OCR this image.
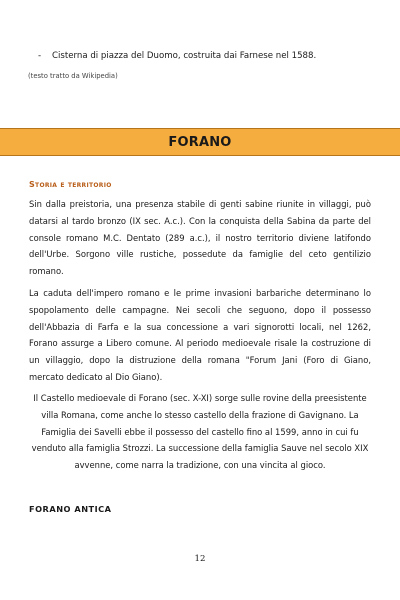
- Cisterna di piazza del Duomo, costruita dai Farnese nel 1588.
(testo tratto da Wikipedia)
FORANO
Storia e territorio

Sin dalla preistoria, una presenza stabile di genti sabine riunite in villaggi, può datarsi al tardo bronzo (IX sec. A.c.). Con la conquista della Sabina da parte del console romano M.C. Dentato (289 a.c.), il nostro territorio diviene latifondo dell'Urbe. Sorgono ville rustiche, possedute da famiglie del ceto gentilizio romano.

La caduta dell'impero romano e le prime invasioni barbariche determinano lo spopolamento delle campagne. Nei secoli che seguono, dopo il possesso dell'Abbazia di Farfa e la sua concessione a vari signorotti locali, nel 1262, Forano assurge a Libero comune. Al periodo medioevale risale la costruzione di un villaggio, dopo la distruzione della romana "Forum Jani (Foro di Giano, mercato dedicato al Dio Giano).

Il Castello medioevale di Forano (sec. X-XI) sorge sulle rovine della preesistente villa Romana, come anche lo stesso castello della frazione di Gavignano. La Famiglia dei Savelli ebbe il possesso del castello fino al 1599, anno in cui fu venduto alla famiglia Strozzi. La successione della famiglia Sauve nel secolo XIX avvenne, come narra la tradizione, con una vincita al gioco.

FORANO ANTICA
12
